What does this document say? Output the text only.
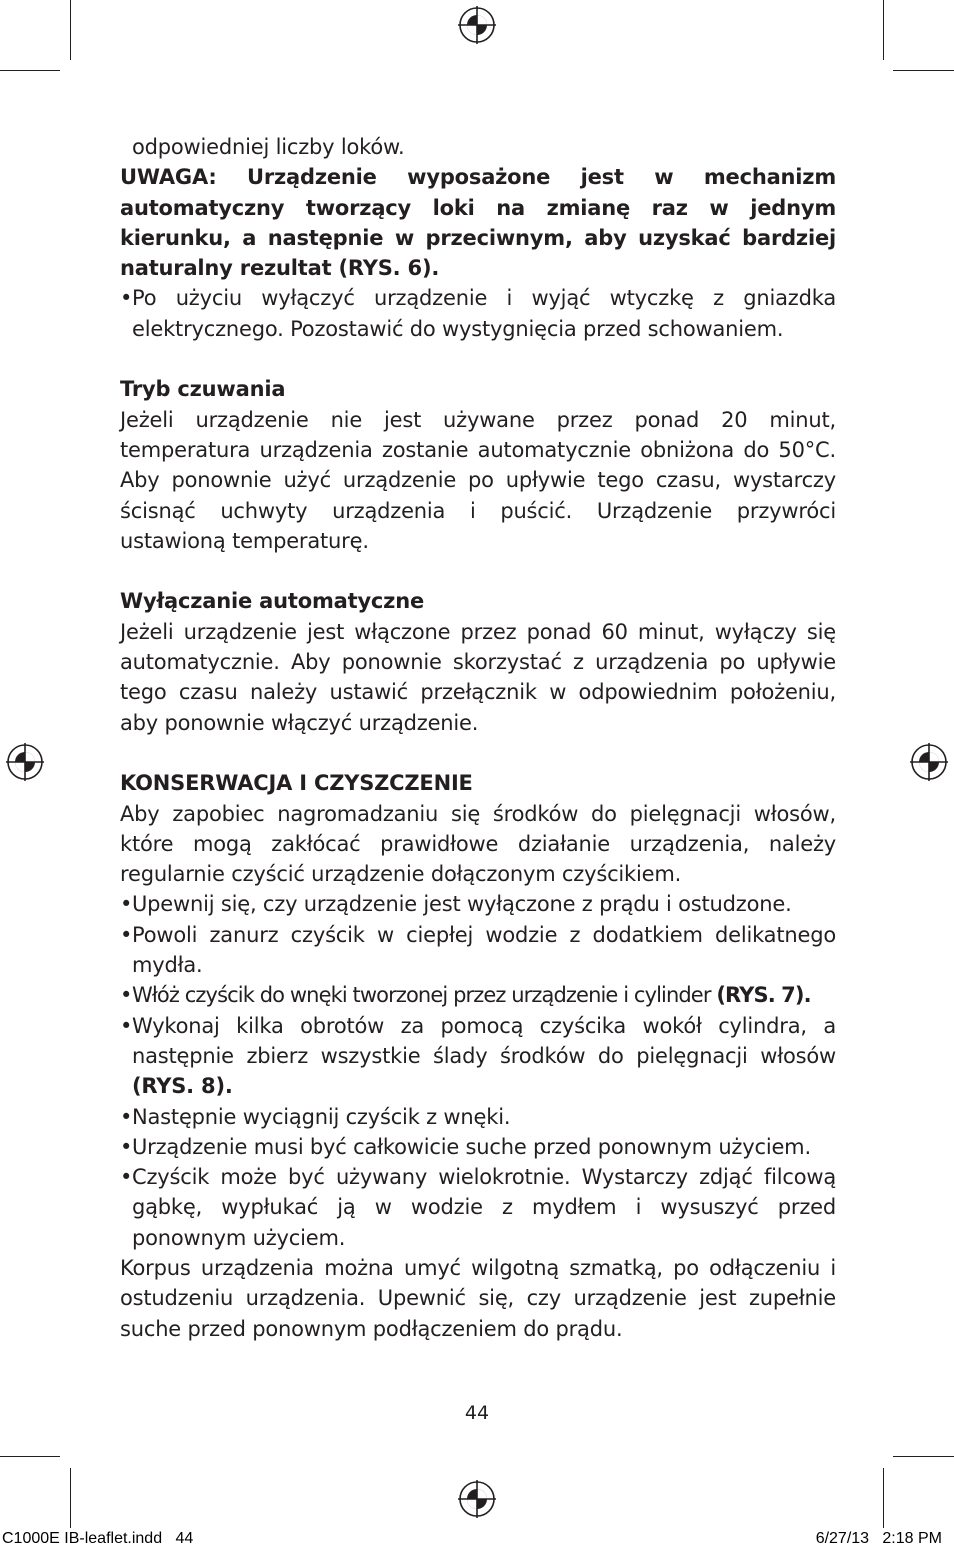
odpowiedniej liczby loków.

UWAGA: Urządzenie wyposażone jest w mechanizm automatyczny tworzący loki na zmianę raz w jednym kierunku, a następnie w przeciwnym, aby uzyskać bardziej naturalny rezultat (RYS. 6).

• Po użyciu wyłączyć urządzenie i wyjąć wtyczkę z gniazdka elektrycznego. Pozostawić do wystygnięcia przed schowaniem.

Tryb czuwania

Jeżeli urządzenie nie jest używane przez ponad 20 minut, temperatura urządzenia zostanie automatycznie obniżona do 50°C. Aby ponownie użyć urządzenie po upływie tego czasu, wystarczy ścisnąć uchwyty urządzenia i puścić. Urządzenie przywróci ustawioną temperaturę.

Wyłączanie automatyczne

Jeżeli urządzenie jest włączone przez ponad 60 minut, wyłączy się automatycznie. Aby ponownie skorzystać z urządzenia po upływie tego czasu należy ustawić przełącznik w odpowiednim położeniu, aby ponownie włączyć urządzenie.

KONSERWACJA I CZYSZCZENIE

Aby zapobiec nagromadzaniu się środków do pielęgnacji włosów, które mogą zakłócać prawidłowe działanie urządzenia, należy regularnie czyścić urządzenie dołączonym czyścikiem.

• Upewnij się, czy urządzenie jest wyłączone z prądu i ostudzone.

• Powoli zanurz czyścik w ciepłej wodzie z dodatkiem delikatnego mydła.

• Włóż czyścik do wnęki tworzonej przez urządzenie i cylinder (RYS. 7).

• Wykonaj kilka obrotów za pomocą czyścika wokół cylindra, a następnie zbierz wszystkie ślady środków do pielęgnacji włosów (RYS. 8).

• Następnie wyciągnij czyścik z wnęki.

• Urządzenie musi być całkowicie suche przed ponownym użyciem.

• Czyścik może być używany wielokrotnie. Wystarczy zdjąć filcową gąbkę, wypłukać ją w wodzie z mydłem i wysuszyć przed ponownym użyciem.

Korpus urządzenia można umyć wilgotną szmatką, po odłączeniu i ostudzeniu urządzenia. Upewnić się, czy urządzenie jest zupełnie suche przed ponownym podłączeniem do prądu.

44
C1000E IB-leaflet.indd   44	6/27/13   2:18 PM
